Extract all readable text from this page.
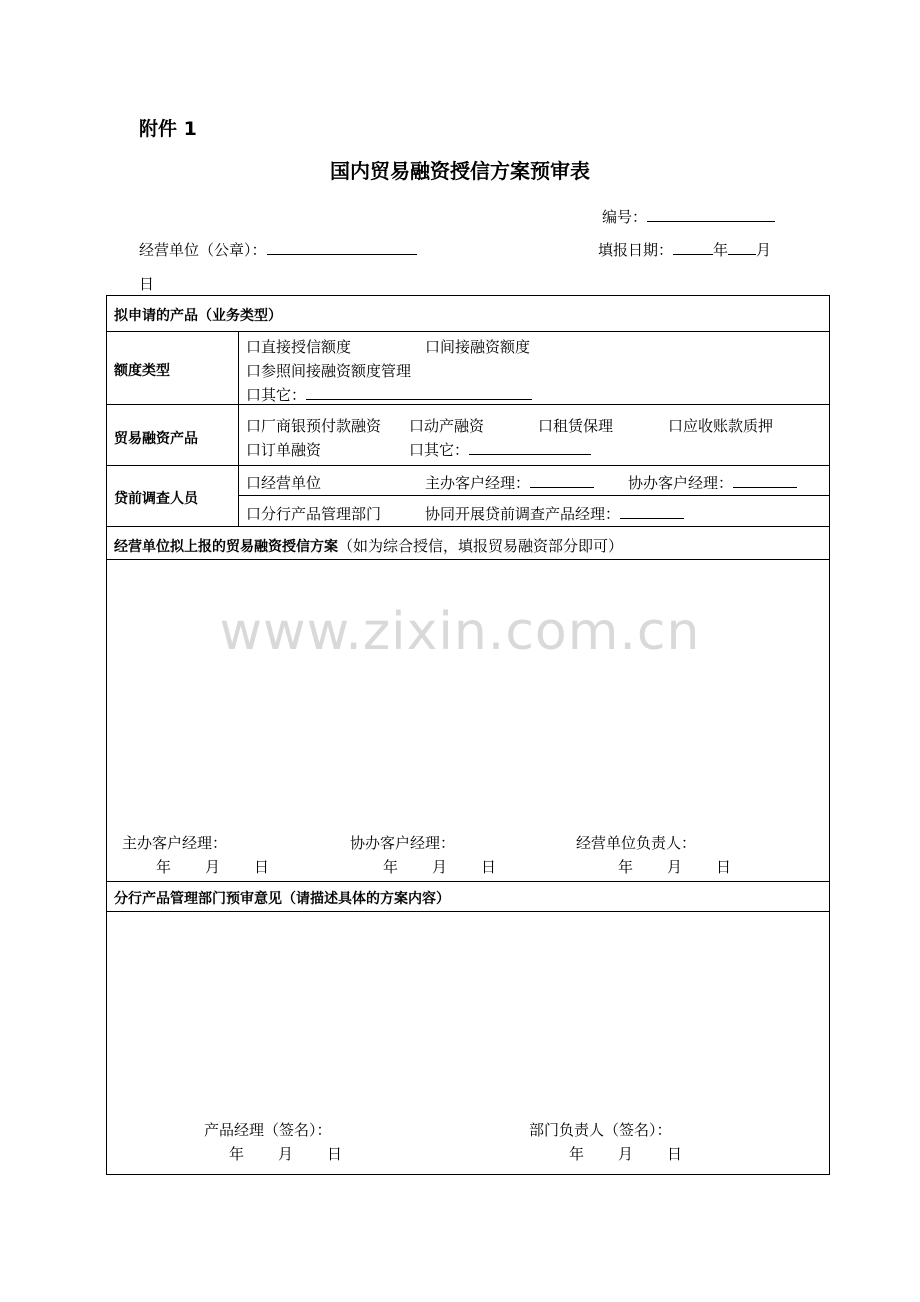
附件 1
国内贸易融资授信方案预审表
编号：
经营单位（公章）：	填报日期：	年 月
日
拟申请的产品（业务类型）
额度类型
口直接授信额度	口间接融资额度
口参照间接融资额度管理
口其它：
贸易融资产品
口厂商银预付款融资 口动产融资	口租赁保理	口应收账款质押
口订单融资	口其它：
贷前调查人员
口经营单位	主办客户经理：	协办客户经理：
口分行产品管理部门	协同开展贷前调查产品经理：
经营单位拟上报的贸易融资授信方案（如为综合授信，填报贸易融资部分即可）
www.zixin.com.cn
主办客户经理：	协办客户经理：	经营单位负责人：
年 月 日	年 月 日	年 月 日
分行产品管理部门预审意见（请描述具体的方案内容）
产品经理（签名）：	部门负责人（签名）：
年 月 日	年 月 日
